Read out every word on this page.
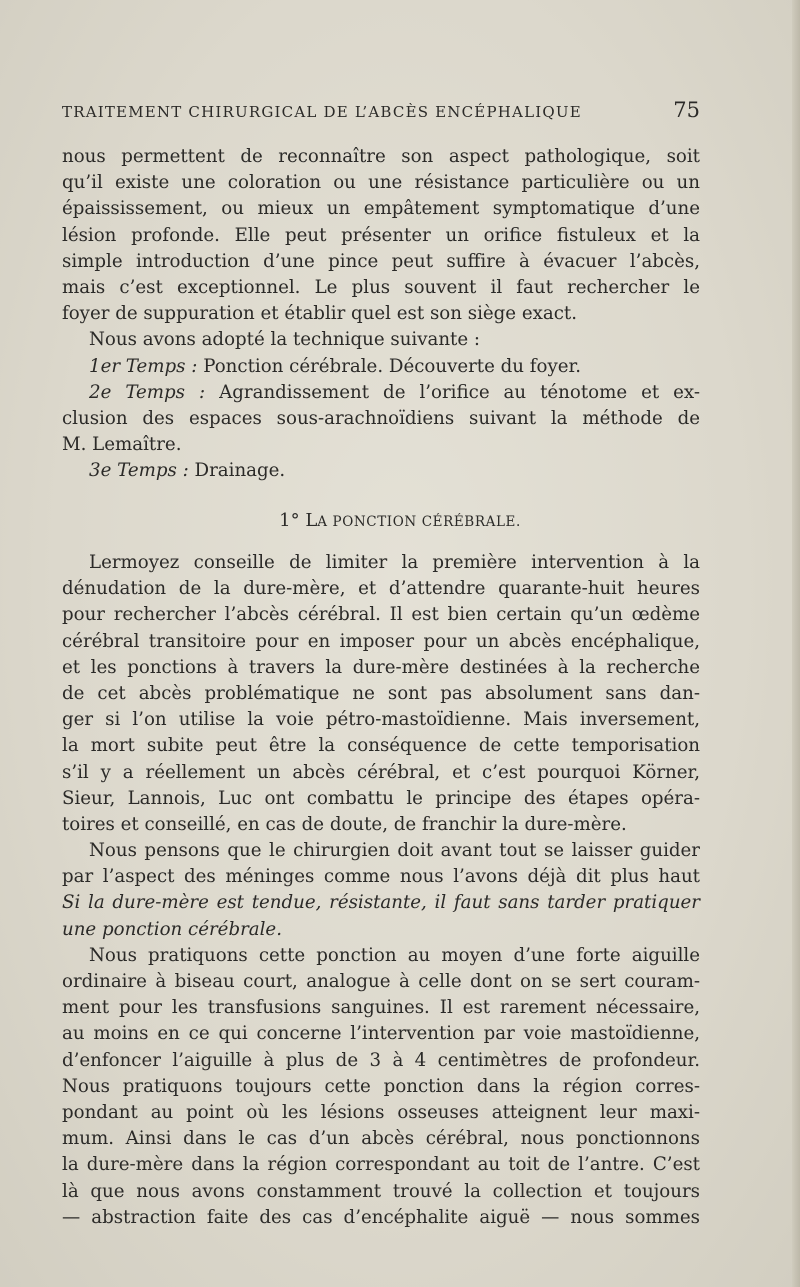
TRAITEMENT CHIRURGICAL DE L’ABCÈS ENCÉPHALIQUE	75
nous permettent de reconnaître son aspect pathologique, soit
qu’il existe une coloration ou une résistance particulière ou un
épaississement, ou mieux un empâtement symptomatique d’une
lésion profonde. Elle peut présenter un orifice fistuleux et la
simple introduction d’une pince peut suffire à évacuer l’abcès,
mais c’est exceptionnel. Le plus souvent il faut rechercher le
foyer de suppuration et établir quel est son siège exact.
Nous avons adopté la technique suivante :
1er Temps : Ponction cérébrale. Découverte du foyer.
2e Temps : Agrandissement de l’orifice au ténotome et ex-
clusion des espaces sous-arachnoïdiens suivant la méthode de
M. Lemaître.
3e Temps : Drainage.
1° LA PONCTION CÉRÉBRALE.
Lermoyez conseille de limiter la première intervention à la
dénudation de la dure-mère, et d’attendre quarante-huit heures
pour rechercher l’abcès cérébral. Il est bien certain qu’un œdème
cérébral transitoire pour en imposer pour un abcès encéphalique,
et les ponctions à travers la dure-mère destinées à la recherche
de cet abcès problématique ne sont pas absolument sans dan-
ger si l’on utilise la voie pétro-mastoïdienne. Mais inversement,
la mort subite peut être la conséquence de cette temporisation
s’il y a réellement un abcès cérébral, et c’est pourquoi Körner,
Sieur, Lannois, Luc ont combattu le principe des étapes opéra-
toires et conseillé, en cas de doute, de franchir la dure-mère.
Nous pensons que le chirurgien doit avant tout se laisser guider
par l’aspect des méninges comme nous l’avons déjà dit plus haut
Si la dure-mère est tendue, résistante, il faut sans tarder pratiquer
une ponction cérébrale.
Nous pratiquons cette ponction au moyen d’une forte aiguille
ordinaire à biseau court, analogue à celle dont on se sert couram-
ment pour les transfusions sanguines. Il est rarement nécessaire,
au moins en ce qui concerne l’intervention par voie mastoïdienne,
d’enfoncer l’aiguille à plus de 3 à 4 centimètres de profondeur.
Nous pratiquons toujours cette ponction dans la région corres-
pondant au point où les lésions osseuses atteignent leur maxi-
mum. Ainsi dans le cas d’un abcès cérébral, nous ponctionnons
la dure-mère dans la région correspondant au toit de l’antre. C’est
là que nous avons constamment trouvé la collection et toujours
— abstraction faite des cas d’encéphalite aiguë — nous sommes
